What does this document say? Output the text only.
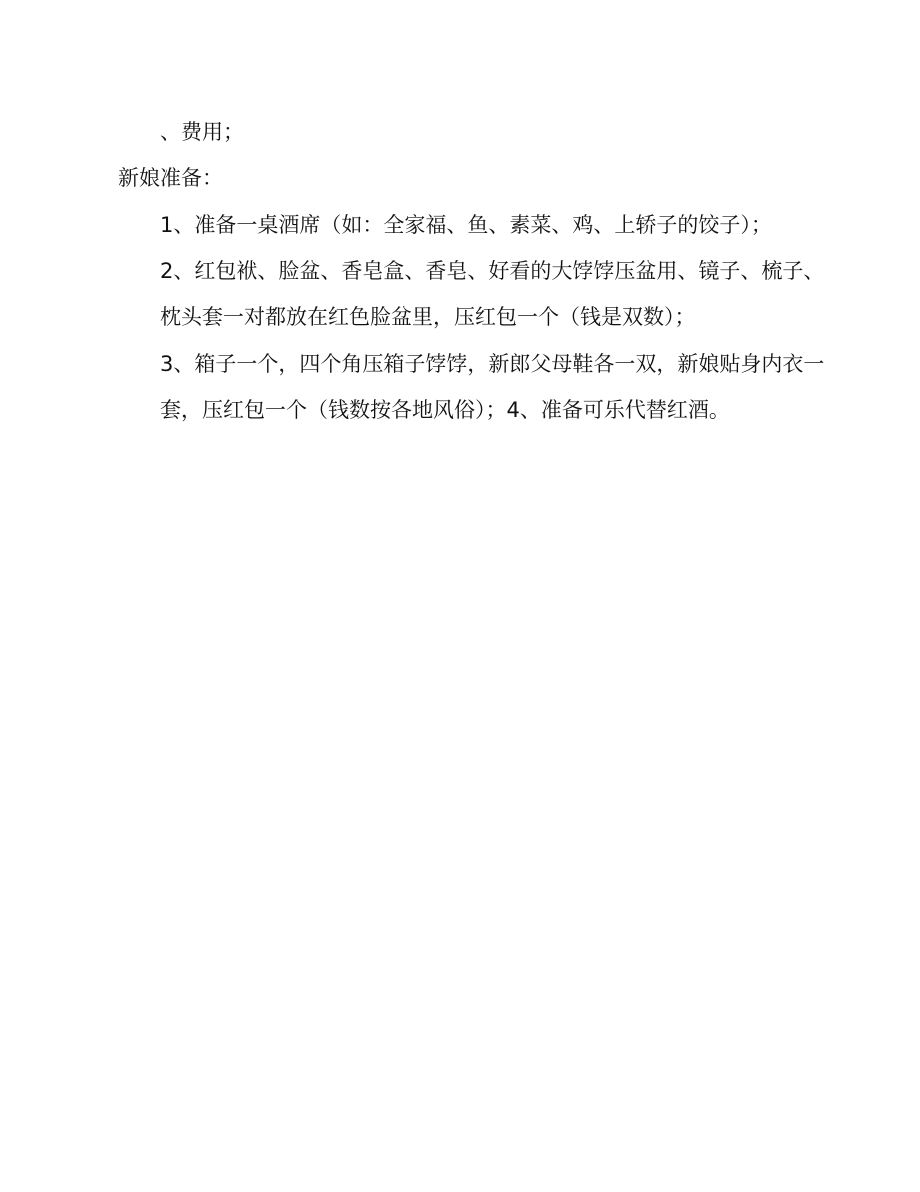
、费用；
新娘准备：
1、准备一桌酒席（如：全家福、鱼、素菜、鸡、上轿子的饺子）；
2、红包袱、脸盆、香皂盒、香皂、好看的大饽饽压盆用、镜子、梳子、
枕头套一对都放在红色脸盆里，压红包一个（钱是双数）；
3、箱子一个，四个角压箱子饽饽，新郎父母鞋各一双，新娘贴身内衣一
套，压红包一个（钱数按各地风俗）；4、准备可乐代替红酒。
